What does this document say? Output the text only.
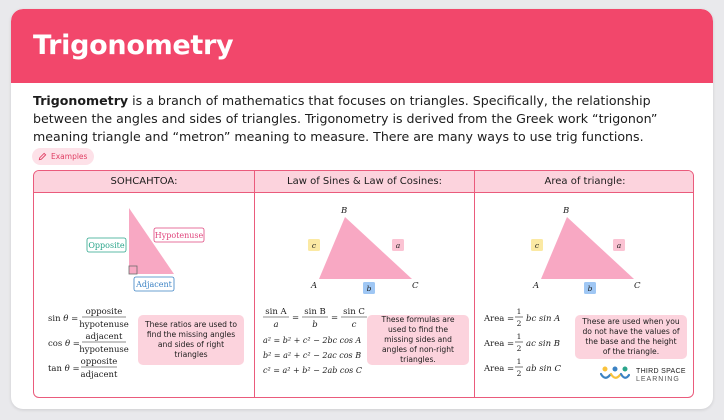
Trigonometry

Trigonometry is a branch of mathematics that focuses on triangles. Specifically, the relationship between the angles and sides of triangles. Trigonometry is derived from the Greek work “trigonon” meaning triangle and “metron” meaning to measure. There are many ways to use trig functions.

Examples
SOHCAHTOA:
Opposite
Hypotenuse
Adjacent
sin θ =
opposite
hypotenuse
cos θ =
adjacent
hypotenuse
tan θ =
opposite
adjacent
These ratios are used to find the missing angles and sides of right triangles
Law of Sines & Law of Cosines:
B
A	C
c	a
b
sin A
a
=
sin B
b
=
sin C
c
a² = b² + c² − 2bc cos A
b² = a² + c² − 2ac cos B
c² = a² + b² − 2ab cos C
These formulas are used to find the missing sides and angles of non-right triangles.
Area of triangle:
B
A	C
c	a
b
Area =
1
2 bc sin A
Area =
1
2 ac sin B
Area =
1
2 ab sin C
These are used when you do not have the values of the base and the height of the triangle.
THIRD SPACE
LEARNING
